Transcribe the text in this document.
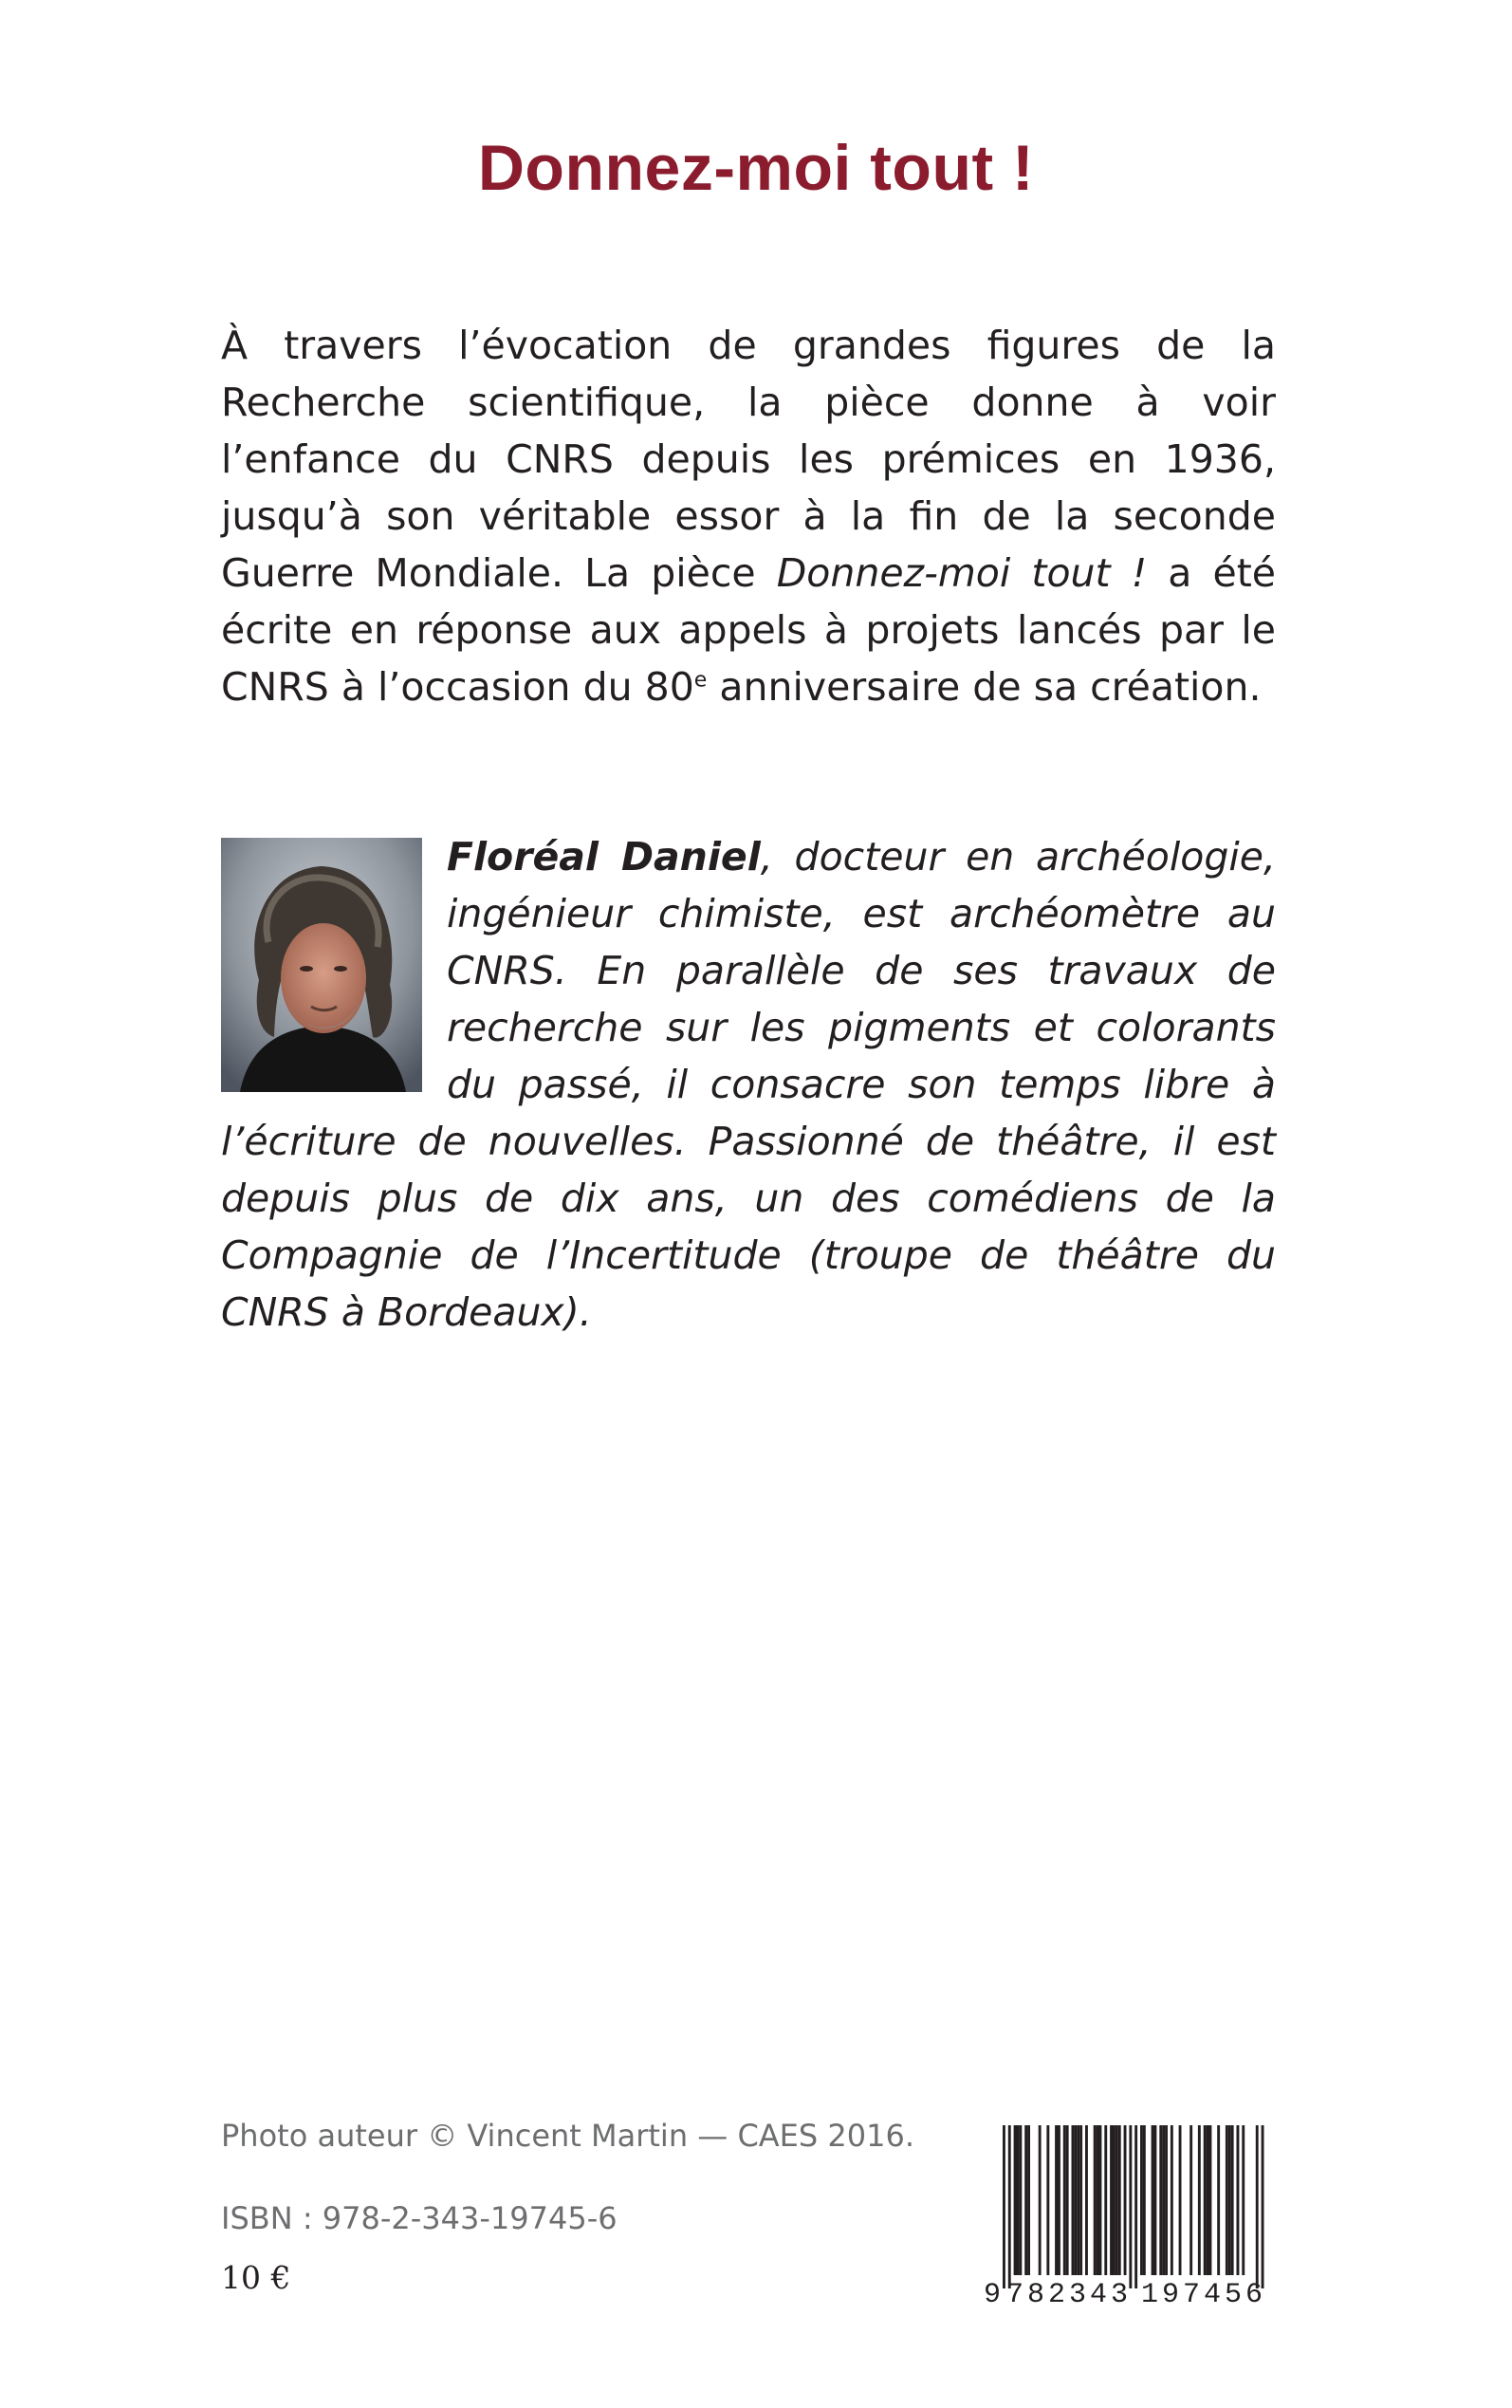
Donnez-moi tout !

À travers l’évocation de grandes figures de la Recherche scientifique, la pièce donne à voir l’enfance du CNRS depuis les prémices en 1936, jusqu’à son véritable essor à la fin de la seconde Guerre Mondiale. La pièce Donnez-moi tout ! a été écrite en réponse aux appels à projets lancés par le CNRS à l’occasion du 80e anniversaire de sa création.

Floréal Daniel, docteur en archéologie, ingénieur chimiste, est archéomètre au CNRS. En parallèle de ses travaux de recherche sur les pigments et colorants du passé, il consacre son temps libre à l’écriture de nouvelles. Passionné de théâtre, il est depuis plus de dix ans, un des comédiens de la Compagnie de l’Incertitude (troupe de théâtre du CNRS à Bordeaux).

Photo auteur © Vincent Martin — CAES 2016.

ISBN : 978-2-343-19745-6

10 €	9 782343 197456
